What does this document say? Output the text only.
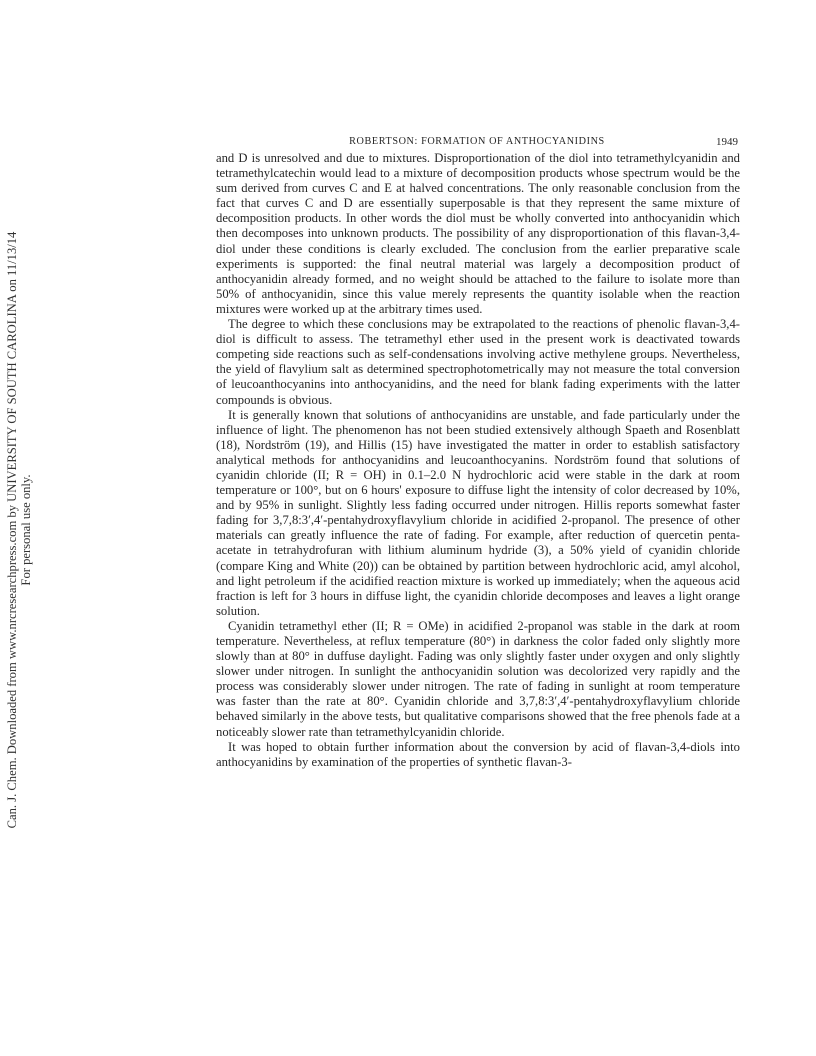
Can. J. Chem. Downloaded from www.nrcresearchpress.com by UNIVERSITY OF SOUTH CAROLINA on 11/13/14 For personal use only.
ROBERTSON: FORMATION OF ANTHOCYANIDINS	1949

and D is unresolved and due to mixtures. Disproportionation of the diol into tetramethylcyanidin and tetramethylcatechin would lead to a mixture of decomposition products whose spectrum would be the sum derived from curves C and E at halved concentrations. The only reasonable conclusion from the fact that curves C and D are essentially superposable is that they represent the same mixture of decomposition products. In other words the diol must be wholly converted into anthocyanidin which then decomposes into unknown products. The possibility of any disproportionation of this flavan-3,4-diol under these conditions is clearly excluded. The conclusion from the earlier preparative scale experiments is supported: the final neutral material was largely a decomposition product of anthocyanidin already formed, and no weight should be attached to the failure to isolate more than 50% of anthocyanidin, since this value merely represents the quantity isolable when the reaction mixtures were worked up at the arbitrary times used.

The degree to which these conclusions may be extrapolated to the reactions of phenolic flavan-3,4-diol is difficult to assess. The tetramethyl ether used in the present work is deactivated towards competing side reactions such as self-condensations involving active methylene groups. Nevertheless, the yield of flavylium salt as determined spectrophotometrically may not measure the total conversion of leucoanthocyanins into anthocyanidins, and the need for blank fading experiments with the latter compounds is obvious.

It is generally known that solutions of anthocyanidins are unstable, and fade particularly under the influence of light. The phenomenon has not been studied extensively although Spaeth and Rosenblatt (18), Nordström (19), and Hillis (15) have investigated the matter in order to establish satisfactory analytical methods for anthocyanidins and leucoanthocyanins. Nordström found that solutions of cyanidin chloride (II; R = OH) in 0.1–2.0 N hydrochloric acid were stable in the dark at room temperature or 100°, but on 6 hours' exposure to diffuse light the intensity of color decreased by 10%, and by 95% in sunlight. Slightly less fading occurred under nitrogen. Hillis reports somewhat faster fading for 3,7,8:3′,4′-pentahydroxyflavylium chloride in acidified 2-propanol. The presence of other materials can greatly influence the rate of fading. For example, after reduction of quercetin penta-acetate in tetrahydrofuran with lithium aluminum hydride (3), a 50% yield of cyanidin chloride (compare King and White (20)) can be obtained by partition between hydrochloric acid, amyl alcohol, and light petroleum if the acidified reaction mixture is worked up immediately; when the aqueous acid fraction is left for 3 hours in diffuse light, the cyanidin chloride decomposes and leaves a light orange solution.

Cyanidin tetramethyl ether (II; R = OMe) in acidified 2-propanol was stable in the dark at room temperature. Nevertheless, at reflux temperature (80°) in darkness the color faded only slightly more slowly than at 80° in duffuse daylight. Fading was only slightly faster under oxygen and only slightly slower under nitrogen. In sunlight the anthocyanidin solution was decolorized very rapidly and the process was considerably slower under nitrogen. The rate of fading in sunlight at room temperature was faster than the rate at 80°. Cyanidin chloride and 3,7,8:3′,4′-pentahydroxyflavylium chloride behaved similarly in the above tests, but qualitative comparisons showed that the free phenols fade at a noticeably slower rate than tetramethylcyanidin chloride.

It was hoped to obtain further information about the conversion by acid of flavan-3,4-diols into anthocyanidins by examination of the properties of synthetic flavan-3-
